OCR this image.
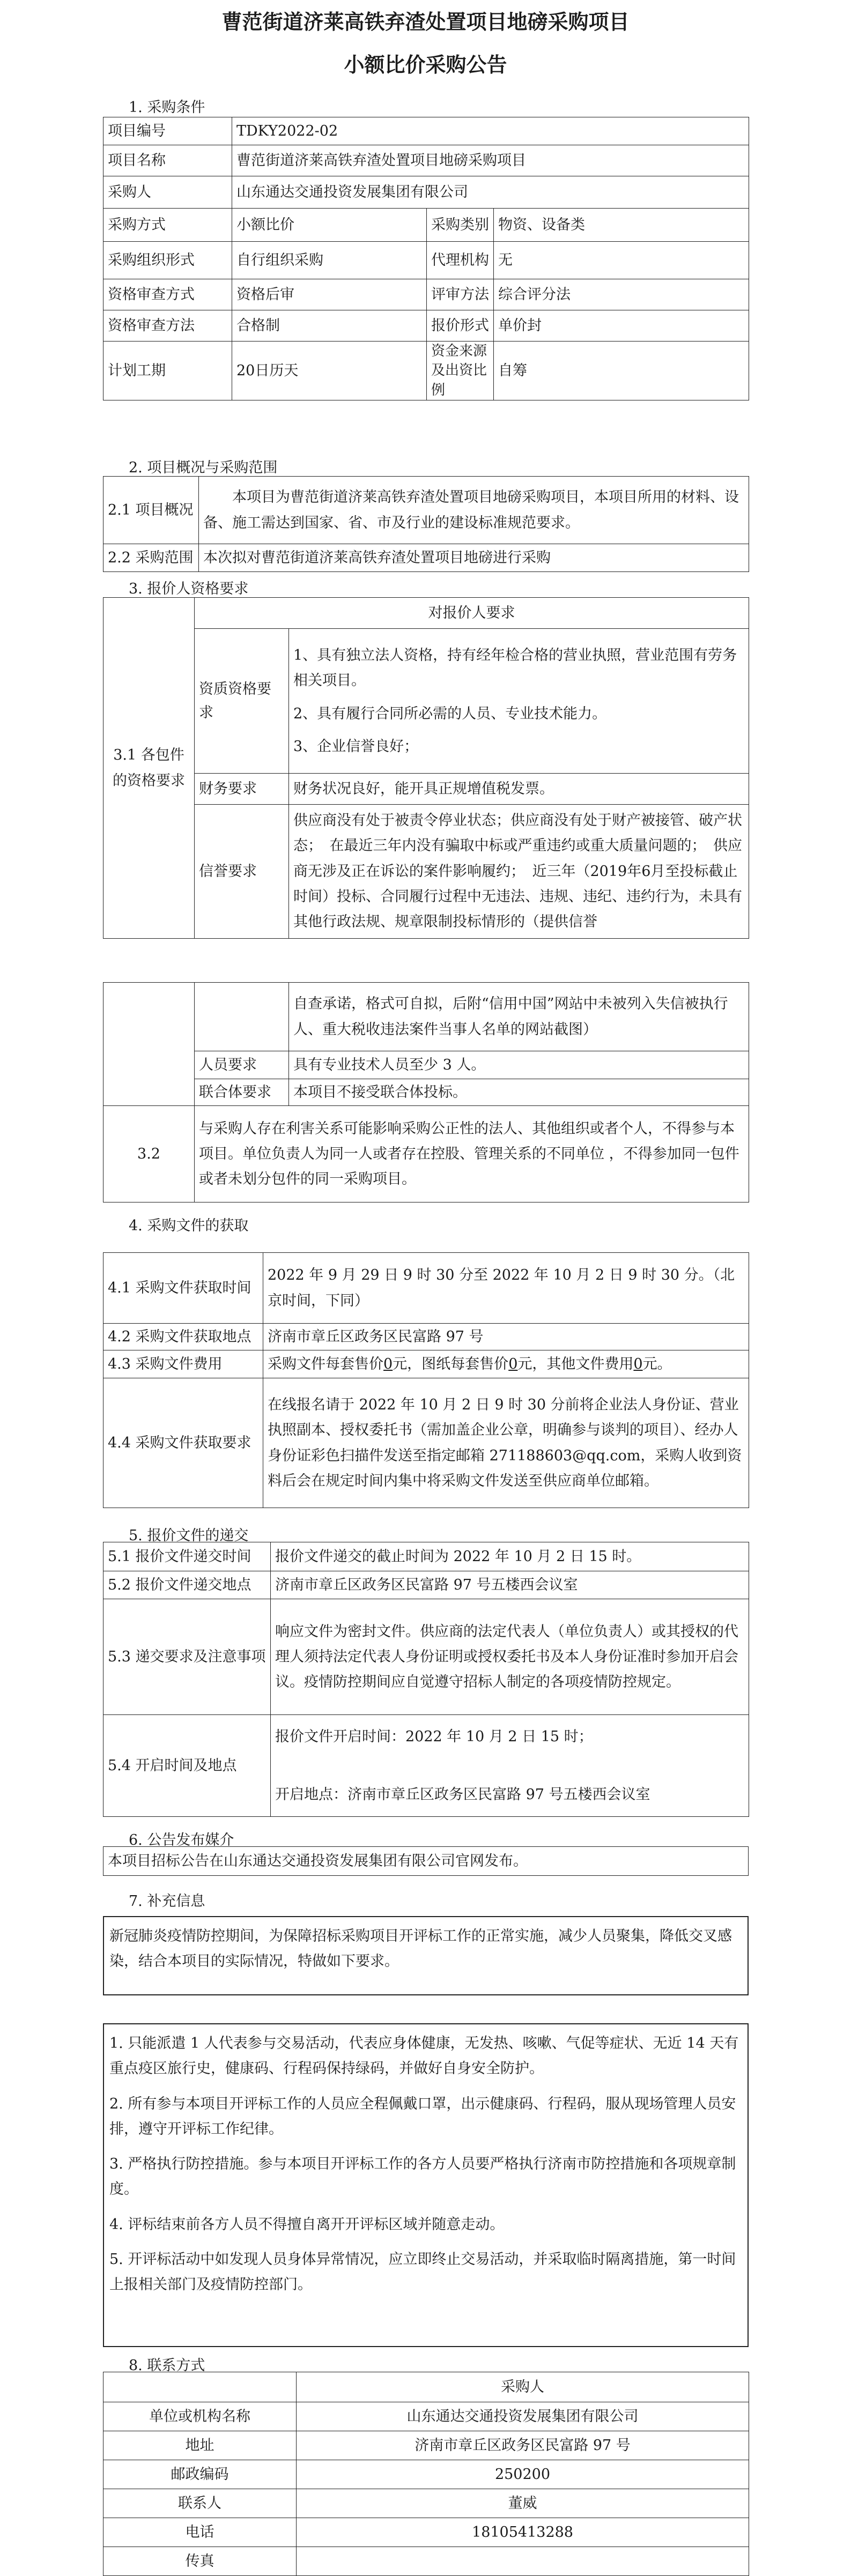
曹范街道济莱高铁弃渣处置项目地磅采购项目
小额比价采购公告
1. 采购条件
项目编号	TDKY2022-02		
项目名称	曹范街道济莱高铁弃渣处置项目地磅采购项目		
采购人	山东通达交通投资发展集团有限公司		
采购方式	小额比价	采购类别	物资、设备类
采购组织形式	自行组织采购	代理机构	无
资格审查方式	资格后审	评审方法	综合评分法
资格审查方法	合格制	报价形式	单价封
计划工期	20日历天	资金来源及出资比例	自筹
2. 项目概况与采购范围
2.1 项目概况	本项目为曹范街道济莱高铁弃渣处置项目地磅采购项目，本项目所用的材料、设备、施工需达到国家、省、市及行业的建设标准规范要求。
2.2 采购范围	本次拟对曹范街道济莱高铁弃渣处置项目地磅进行采购
3. 报价人资格要求
3.1 各包件的资格要求	对报价人要求	
	资质资格要求	1、具有独立法人资格，持有经年检合格的营业执照，营业范围有劳务相关项目。
2、具有履行合同所必需的人员、专业技术能力。
3、企业信誉良好；

	财务要求	财务状况良好，能开具正规增值税发票。
	信誉要求	供应商没有处于被责令停业状态；供应商没有处于财产被接管、破产状态；　在最近三年内没有骗取中标或严重违约或重大质量问题的；　供应商无涉及正在诉讼的案件影响履约；　近三年（2019年6月至投标截止时间）投标、合同履行过程中无违法、违规、违纪、违约行为，未具有其他行政法规、规章限制投标情形的（提供信誉
		自查承诺，格式可自拟，后附“信用中国”网站中未被列入失信被执行人、重大税收违法案件当事人名单的网站截图）
	人员要求	具有专业技术人员至少 3 人。
	联合体要求	本项目不接受联合体投标。
3.2	与采购人存在利害关系可能影响采购公正性的法人、其他组织或者个人，不得参与本项目。单位负责人为同一人或者存在控股、管理关系的不同单位 ，不得参加同一包件或者未划分包件的同一采购项目。	
4. 采购文件的获取
4.1 采购文件获取时间	2022 年 9 月 29 日 9 时 30 分至 2022 年 10 月 2 日 9 时 30 分。（北京时间，下同）
4.2 采购文件获取地点	济南市章丘区政务区民富路 97 号
4.3 采购文件费用	采购文件每套售价0元，图纸每套售价0元，其他文件费用0元。
4.4 采购文件获取要求	在线报名请于 2022 年 10 月 2 日 9 时 30 分前将企业法人身份证、营业执照副本、授权委托书（需加盖企业公章，明确参与谈判的项目）、经办人身份证彩色扫描件发送至指定邮箱 271188603@qq.com，采购人收到资料后会在规定时间内集中将采购文件发送至供应商单位邮箱。
5. 报价文件的递交
5.1 报价文件递交时间	报价文件递交的截止时间为 2022 年 10 月 2 日 15 时。
5.2 报价文件递交地点	济南市章丘区政务区民富路 97 号五楼西会议室
5.3 递交要求及注意事项	响应文件为密封文件。供应商的法定代表人（单位负责人）或其授权的代理人须持法定代表人身份证明或授权委托书及本人身份证准时参加开启会议。疫情防控期间应自觉遵守招标人制定的各项疫情防控规定。
5.4 开启时间及地点	报价文件开启时间：2022 年 10 月 2 日 15 时；
开启地点：济南市章丘区政务区民富路 97 号五楼西会议室
6. 公告发布媒介
本项目招标公告在山东通达交通投资发展集团有限公司官网发布。
7. 补充信息
新冠肺炎疫情防控期间，为保障招标采购项目开评标工作的正常实施，减少人员聚集，降低交叉感染，结合本项目的实际情况，特做如下要求。
1. 只能派遣 1 人代表参与交易活动，代表应身体健康，无发热、咳嗽、气促等症状、无近 14 天有重点疫区旅行史，健康码、行程码保持绿码，并做好自身安全防护。
2. 所有参与本项目开评标工作的人员应全程佩戴口罩，出示健康码、行程码，服从现场管理人员安排，遵守开评标工作纪律。
3. 严格执行防控措施。参与本项目开评标工作的各方人员要严格执行济南市防控措施和各项规章制度。
4. 评标结束前各方人员不得擅自离开开评标区域并随意走动。
5. 开评标活动中如发现人员身体异常情况，应立即终止交易活动，并采取临时隔离措施，第一时间上报相关部门及疫情防控部门。
8. 联系方式
	采购人
单位或机构名称	山东通达交通投资发展集团有限公司
地址	济南市章丘区政务区民富路 97 号
邮政编码	250200
联系人	董威
电话	18105413288
传真	
